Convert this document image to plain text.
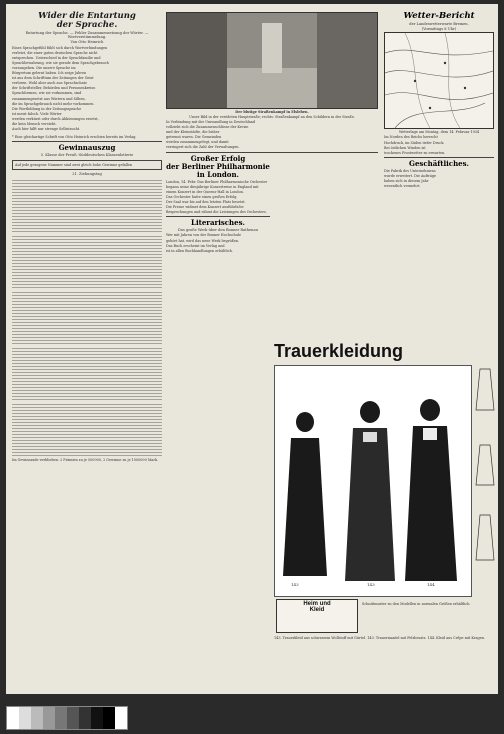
Wider die Entartung
der Sprache.
Entartung der Sprache. — Fehler Zusammensetzung der Wörter. — Wortverstümmelung.
Von Otto Heinrich
Eines Sprachgefühl fühlt sich durch Wortverbindungen
verletzt, die einer guten deutschen Sprache nicht
entsprechen. Unterschied in der Sprachfamilie und
Sprachbewahrung, wie sie gerade dem Sprachgebrauch
vorausgehen. Die unsere Sprache im
Bürgertum gelernt haben. Ich zeige Jahren
ist aus dem Schrifttum der Zeitungen der Geist
verloren. Wohl aber auch aus Sprachschatz
der Schriftsteller, Behörden und Personenkreise.
Sprachformen, wie sie vorkommen, sind
zusammengesetzt aus Wörtern und Silben,
die im Sprachgebrauch nicht mehr vorkommen.
Die Wortbildung in der Zeitungssprache
ist meist falsch. Viele Wörter
werden verkürzt oder durch Abkürzungen ersetzt,
die kein Mensch versteht.
Auch hier hilft nur strenge Selbstzucht.
* Eine gleichartige Schrift von Otto Heinrich erschien bereits im Verlag.
Gewinnauszug
5. Klasse der Preuß.-Süddeutschen Klassenlotterie
Auf jede gezogene Nummer sind zwei gleich hohe Gewinne gefallen
21. Ziehungstag
Im Gewinnrade verblieben: 2 Prämien zu je 500000, 2 Gewinne zu je 1000000 Mark.
Der blutige Straßenkampf in Elsleben.
Unser Bild in der verödeten Hauptstraße; rechts: Straßenkampf an den Schildern in der Straße.
In Verbindung mit der Umwandlung in Deutschland
vollzieht sich die Zusammenschlüsse der Kreise
und der Kleinstädte, die bisher
getrennt waren. Die Gemeinden
werden zusammengelegt, und damit
verringert sich die Zahl der Verwaltungen.
Großer Erfolg
der Berliner Philharmonie
in London.
London, 14. Febr. Das Berliner Philharmonische Orchester
begann seine diesjährige Konzertreise in England mit
einem Konzert in der Queens-Hall in London.
Das Orchester hatte einen großen Erfolg.
Der Saal war bis auf den letzten Platz besetzt.
Die Presse widmet dem Konzert ausführliche
Besprechungen und rühmt die Leistungen des Orchesters.
Literarisches.
Das große Werk über den Bonner Rathenau
Wer mit Jahren von der Bonner Hochschule
gehört hat, wird das neue Werk begrüßen.
Das Buch erscheint im Verlag und
ist in allen Buchhandlungen erhältlich.
Wetter-Bericht
der Landeswetterwarte Bremen.
(Vormittags 8 Uhr)
Wetterlage am Montag, dem 14. Februar 1934
Im Norden des Reichs herrscht
Hochdruck, im Süden tiefer Druck.
Bei östlichen Winden ist
trockenes Frostwetter zu erwarten.
Geschäftliches.
Die Fabrik des Unternehmens
wurde erweitert. Die Aufträge
haben sich in diesem Jahr
wesentlich vermehrt.
Trauerkleidung
143	143	144
Heim und
Kleid
Schnittmuster zu den Modellen in normalen Größen erhältlich.
143. Trauerkleid aus schwarzem Wollstoff mit Gürtel. 143. Trauermantel mit Pelzbesatz. 144. Kleid aus Crêpe mit Kragen.
